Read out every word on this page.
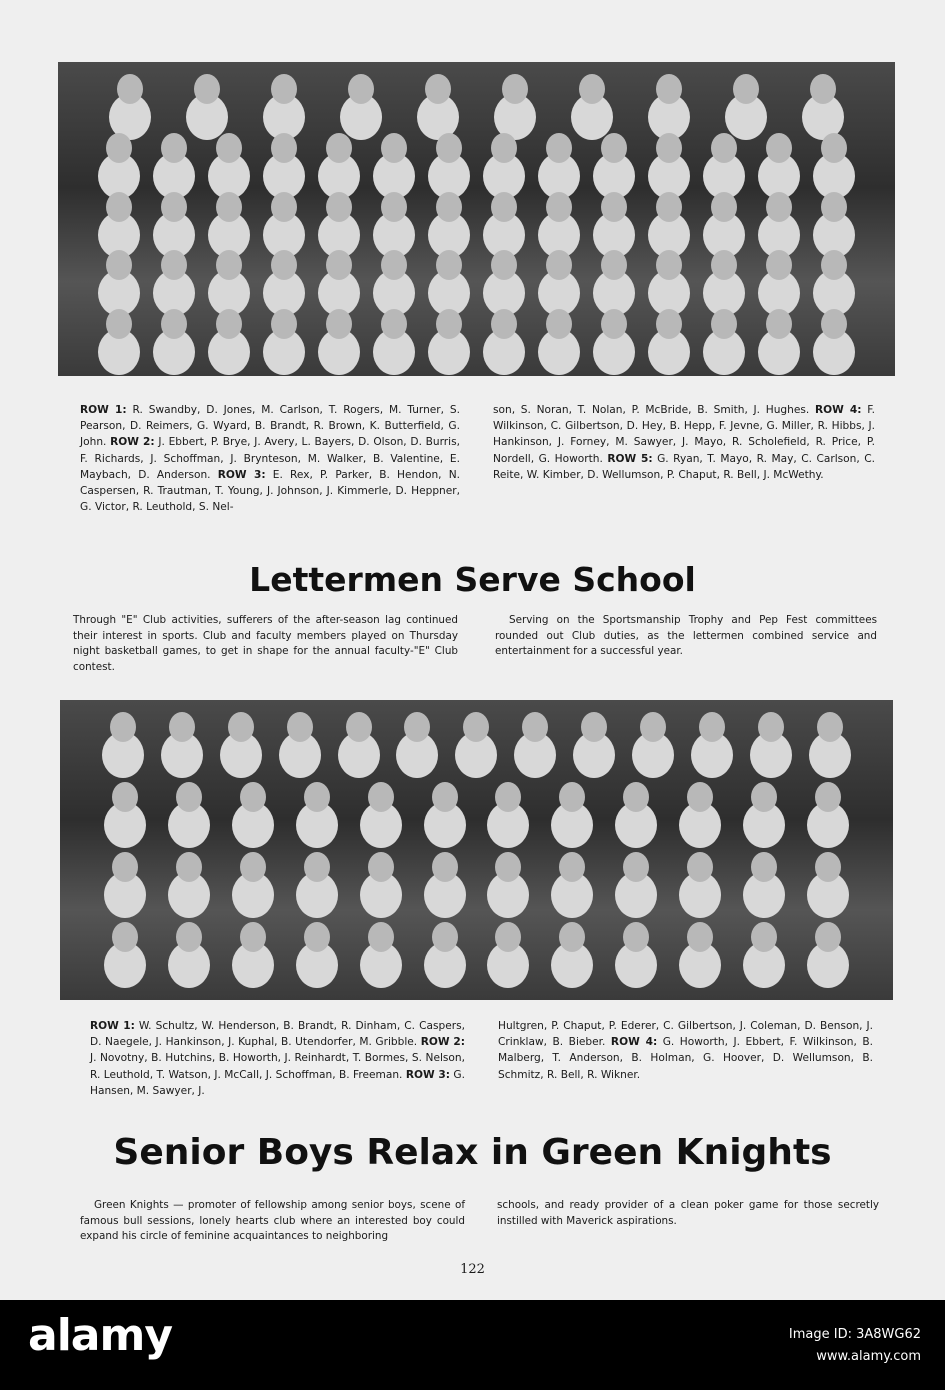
ROW 1: R. Swandby, D. Jones, M. Carlson, T. Rogers, M. Turner, S. Pearson, D. Reimers, G. Wyard, B. Brandt, R. Brown, K. Butterfield, G. John. ROW 2: J. Ebbert, P. Brye, J. Avery, L. Bayers, D. Olson, D. Burris, F. Richards, J. Schoffman, J. Brynteson, M. Walker, B. Valentine, E. Maybach, D. Anderson. ROW 3: E. Rex, P. Parker, B. Hendon, N. Caspersen, R. Trautman, T. Young, J. Johnson, J. Kimmerle, D. Heppner, G. Victor, R. Leuthold, S. Nel-
son, S. Noran, T. Nolan, P. McBride, B. Smith, J. Hughes. ROW 4: F. Wilkinson, C. Gilbertson, D. Hey, B. Hepp, F. Jevne, G. Miller, R. Hibbs, J. Hankinson, J. Forney, M. Sawyer, J. Mayo, R. Scholefield, R. Price, P. Nordell, G. Howorth. ROW 5: G. Ryan, T. Mayo, R. May, C. Carlson, C. Reite, W. Kimber, D. Wellumson, P. Chaput, R. Bell, J. McWethy.
Lettermen Serve School
Through "E" Club activities, sufferers of the after-season lag continued their interest in sports. Club and faculty members played on Thursday night basketball games, to get in shape for the annual faculty-"E" Club contest.
Serving on the Sportsmanship Trophy and Pep Fest committees rounded out Club duties, as the lettermen combined service and entertainment for a successful year.
ROW 1: W. Schultz, W. Henderson, B. Brandt, R. Dinham, C. Caspers, D. Naegele, J. Hankinson, J. Kuphal, B. Utendorfer, M. Gribble. ROW 2: J. Novotny, B. Hutchins, B. Howorth, J. Reinhardt, T. Bormes, S. Nelson, R. Leuthold, T. Watson, J. McCall, J. Schoffman, B. Freeman. ROW 3: G. Hansen, M. Sawyer, J.
Hultgren, P. Chaput, P. Ederer, C. Gilbertson, J. Coleman, D. Benson, J. Crinklaw, B. Bieber. ROW 4: G. Howorth, J. Ebbert, F. Wilkinson, B. Malberg, T. Anderson, B. Holman, G. Hoover, D. Wellumson, B. Schmitz, R. Bell, R. Wikner.
Senior Boys Relax in Green Knights
Green Knights — promoter of fellowship among senior boys, scene of famous bull sessions, lonely hearts club where an interested boy could expand his circle of feminine acquaintances to neighboring
schools, and ready provider of a clean poker game for those secretly instilled with Maverick aspirations.
122
alamy	Image ID: 3A8WG62
www.alamy.com
